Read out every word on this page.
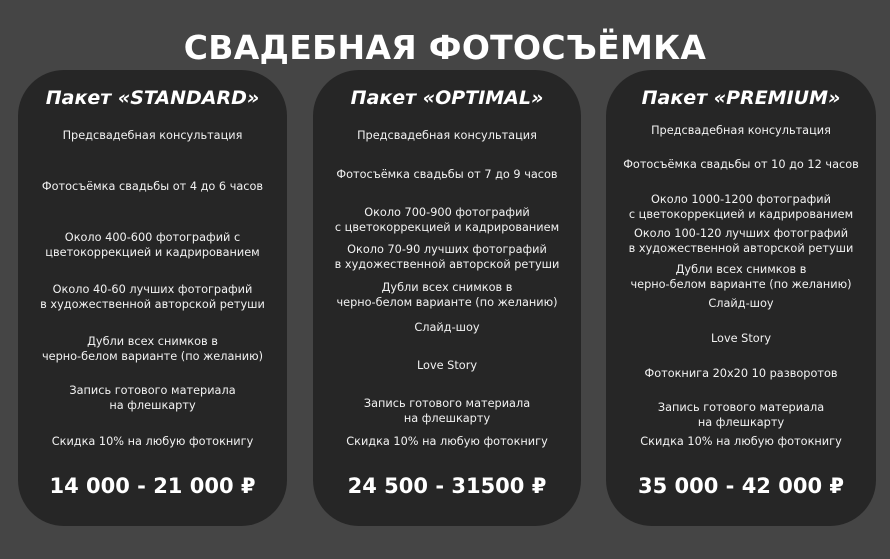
СВАДЕБНАЯ ФОТОСЪЁМКА
Пакет «STANDARD»
Предсвадебная консультация
Фотосъёмка свадьбы от 4 до 6 часов
Около 400-600 фотографий с
цветокоррекцией и кадрированием
Около 40-60 лучших фотографий
в художественной авторской ретуши
Дубли всех снимков в
черно-белом варианте (по желанию)
Запись готового материала
на флешкарту
Скидка 10% на любую фотокнигу
14 000 - 21 000 ₽
Пакет «OPTIMAL»
Предсвадебная консультация
Фотосъёмка свадьбы от 7 до 9 часов
Около 700-900 фотографий
с цветокоррекцией и кадрированием
Около 70-90 лучших фотографий
в художественной авторской ретуши
Дубли всех снимков в
черно-белом варианте (по желанию)
Слайд-шоу
Love Story
Запись готового материала
на флешкарту
Скидка 10% на любую фотокнигу
24 500 - 31500 ₽
Пакет «PREMIUM»
Предсвадебная консультация
Фотосъёмка свадьбы от 10 до 12 часов
Около 1000-1200 фотографий
с цветокоррекцией и кадрированием
Около 100-120 лучших фотографий
в художественной авторской ретуши
Дубли всех снимков в
черно-белом варианте (по желанию)
Слайд-шоу
Love Story
Фотокнига 20х20 10 разворотов
Запись готового материала
на флешкарту
Скидка 10% на любую фотокнигу
35 000 - 42 000 ₽
